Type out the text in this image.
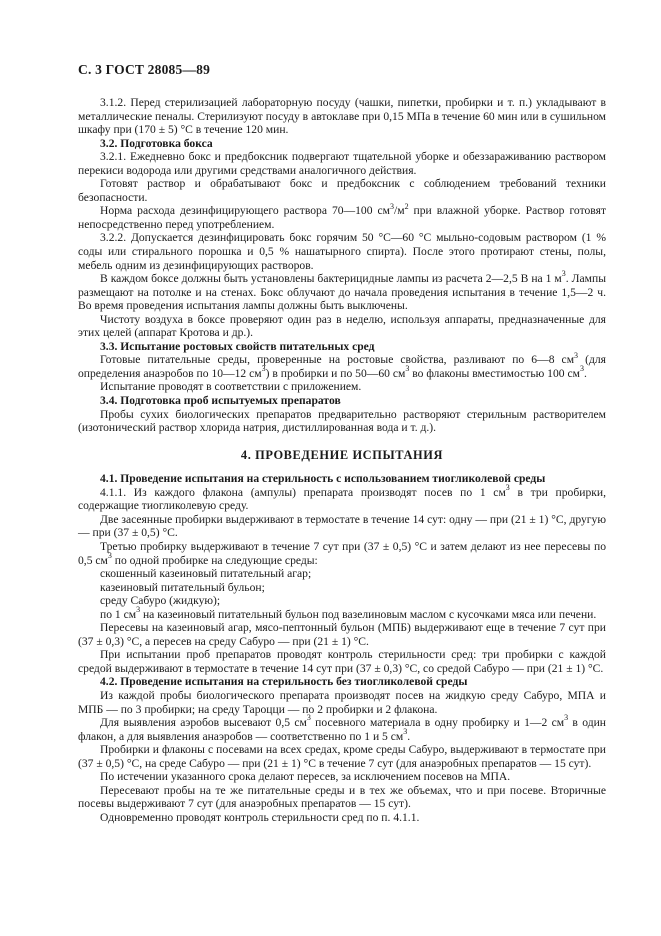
С. 3 ГОСТ 28085—89

3.1.2. Перед стерилизацией лабораторную посуду (чашки, пипетки, пробирки и т. п.) укладывают в металлические пеналы. Стерилизуют посуду в автоклаве при 0,15 МПа в течение 60 мин или в сушильном шкафу при (170 ± 5) °С в течение 120 мин.

3.2. Подготовка бокса

3.2.1. Ежедневно бокс и предбоксник подвергают тщательной уборке и обеззараживанию раствором перекиси водорода или другими средствами аналогичного действия.

Готовят раствор и обрабатывают бокс и предбоксник с соблюдением требований техники безопасности.

Норма расхода дезинфицирующего раствора 70—100 $см^3/м^2$ при влажной уборке. Раствор готовят непосредственно перед употреблением.

3.2.2. Допускается дезинфицировать бокс горячим 50 °С—60 °С мыльно-содовым раствором (1 % соды или стирального порошка и 0,5 % нашатырного спирта). После этого протирают стены, полы, мебель одним из дезинфицирующих растворов.

В каждом боксе должны быть установлены бактерицидные лампы из расчета 2—2,5 В на 1 $м^3$. Лампы размещают на потолке и на стенах. Бокс облучают до начала проведения испытания в течение 1,5—2 ч. Во время проведения испытания лампы должны быть выключены.

Чистоту воздуха в боксе проверяют один раз в неделю, используя аппараты, предназначенные для этих целей (аппарат Кротова и др.).

3.3. Испытание ростовых свойств питательных сред

Готовые питательные среды, проверенные на ростовые свойства, разливают по 6—8 $см^3$ (для определения анаэробов по 10—12 $см^3$) в пробирки и по 50—60 $см^3$ во флаконы вместимостью 100 $см^3$.

Испытание проводят в соответствии с приложением.

3.4. Подготовка проб испытуемых препаратов

Пробы сухих биологических препаратов предварительно растворяют стерильным растворителем (изотонический раствор хлорида натрия, дистиллированная вода и т. д.).

4. ПРОВЕДЕНИЕ ИСПЫТАНИЯ

4.1. Проведение испытания на стерильность с использованием тиогликолевой среды

4.1.1. Из каждого флакона (ампулы) препарата производят посев по 1 $см^3$ в три пробирки, содержащие тиогликолевую среду.

Две засеянные пробирки выдерживают в термостате в течение 14 сут: одну — при (21 ± 1) °С, другую — при (37 ± 0,5) °С.

Третью пробирку выдерживают в течение 7 сут при (37 ± 0,5) °С и затем делают из нее пересевы по 0,5 $см^3$ по одной пробирке на следующие среды:

скошенный казеиновый питательный агар;

казеиновый питательный бульон;

среду Сабуро (жидкую);

по 1 $см^3$ на казеиновый питательный бульон под вазелиновым маслом с кусочками мяса или печени.

Пересевы на казеиновый агар, мясо-пептонный бульон (МПБ) выдерживают еще в течение 7 сут при (37 ± 0,3) °С, а пересев на среду Сабуро — при (21 ± 1) °С.

При испытании проб препаратов проводят контроль стерильности сред: три пробирки с каждой средой выдерживают в термостате в течение 14 сут при (37 ± 0,3) °С, со средой Сабуро — при (21 ± 1) °С.

4.2. Проведение испытания на стерильность без тиогликолевой среды

Из каждой пробы биологического препарата производят посев на жидкую среду Сабуро, МПА и МПБ — по 3 пробирки; на среду Тароцци — по 2 пробирки и 2 флакона.

Для выявления аэробов высевают 0,5 $см^3$ посевного материала в одну пробирку и 1—2 $см^3$ в один флакон, а для выявления анаэробов — соответственно по 1 и 5 $см^3$.

Пробирки и флаконы с посевами на всех средах, кроме среды Сабуро, выдерживают в термостате при (37 ± 0,5) °С, на среде Сабуро — при (21 ± 1) °С в течение 7 сут (для анаэробных препаратов — 15 сут).

По истечении указанного срока делают пересев, за исключением посевов на МПА.

Пересевают пробы на те же питательные среды и в тех же объемах, что и при посеве. Вторичные посевы выдерживают 7 сут (для анаэробных препаратов — 15 сут).

Одновременно проводят контроль стерильности сред по п. 4.1.1.
